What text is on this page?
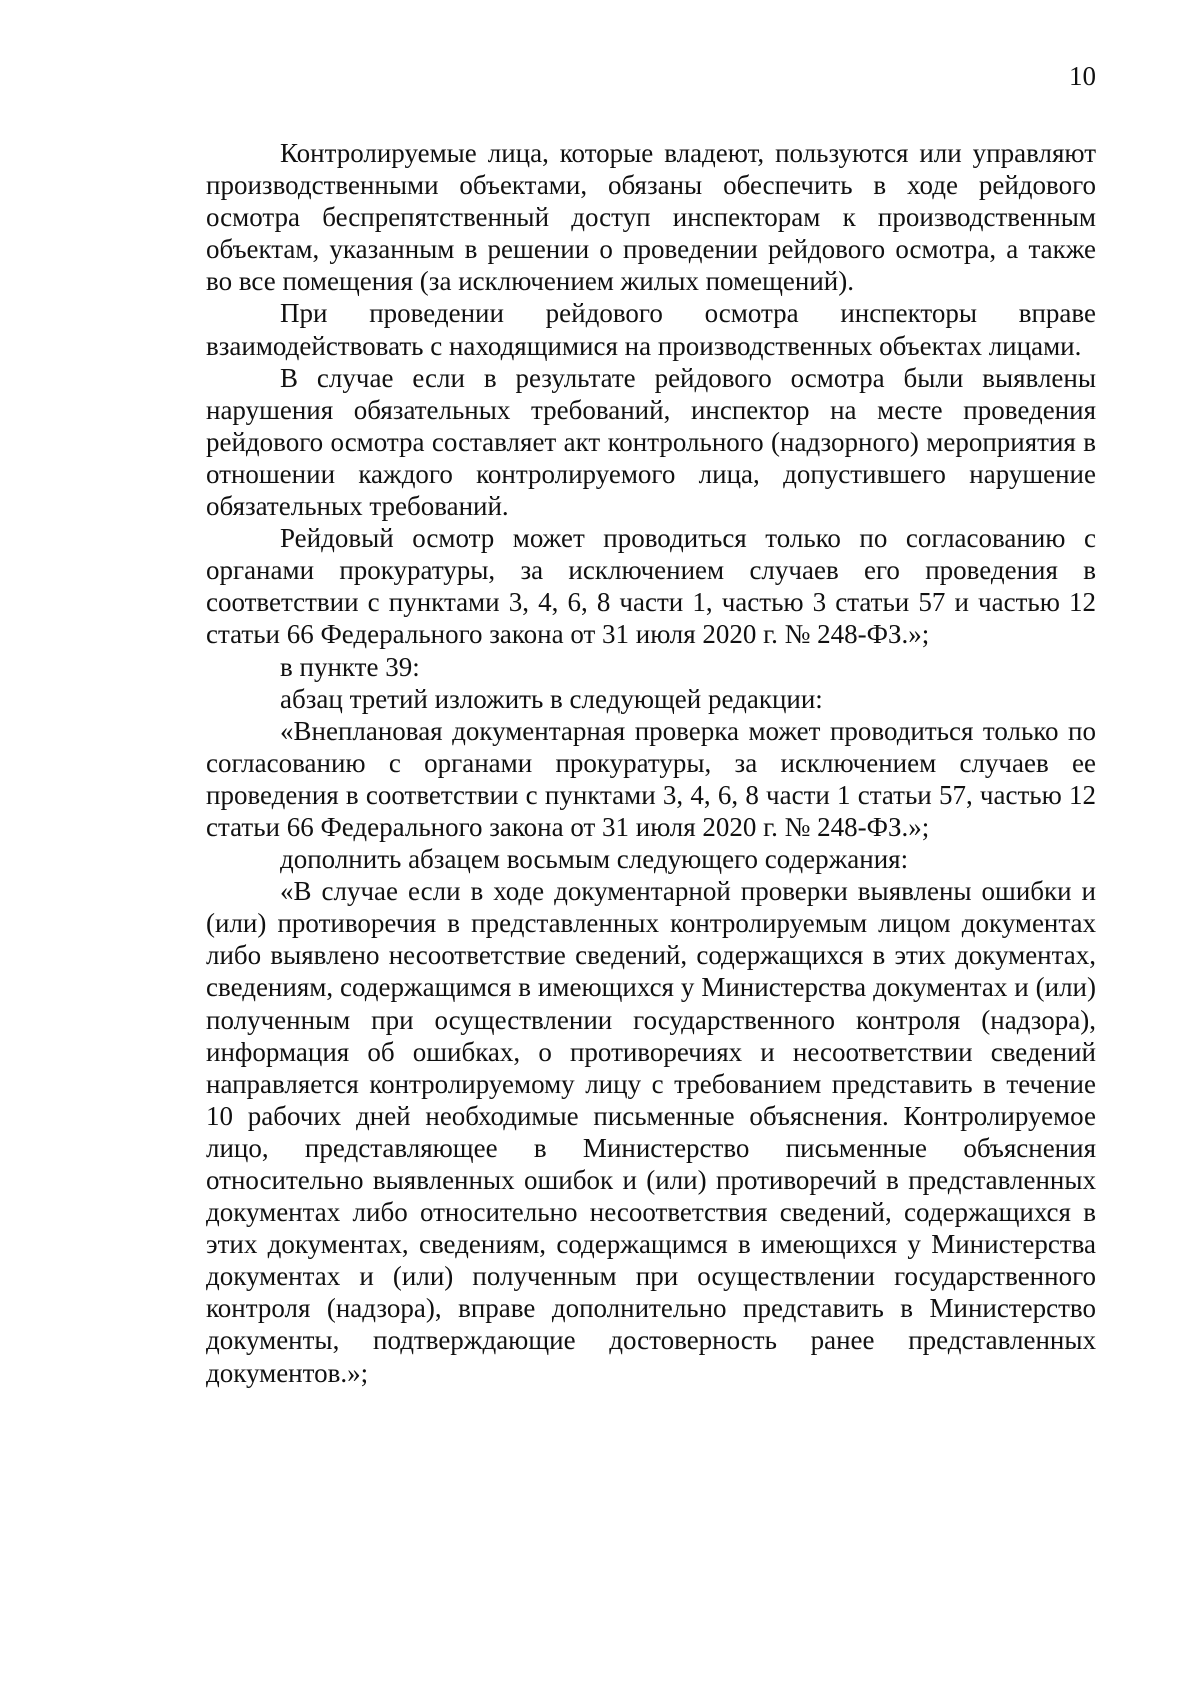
10

Контролируемые лица, которые владеют, пользуются или управляют производственными объектами, обязаны обеспечить в ходе рейдового осмотра беспрепятственный доступ инспекторам к производственным объектам, указанным в решении о проведении рейдового осмотра, а также во все помещения (за исключением жилых помещений).

При проведении рейдового осмотра инспекторы вправе взаимодействовать с находящимися на производственных объектах лицами.

В случае если в результате рейдового осмотра были выявлены нарушения обязательных требований, инспектор на месте проведения рейдового осмотра составляет акт контрольного (надзорного) мероприятия в отношении каждого контролируемого лица, допустившего нарушение обязательных требований.

Рейдовый осмотр может проводиться только по согласованию с органами прокуратуры, за исключением случаев его проведения в соответствии с пунктами 3, 4, 6, 8 части 1, частью 3 статьи 57 и частью 12 статьи 66 Федерального закона от 31 июля 2020 г. № 248-ФЗ.»;

в пункте 39:

абзац третий изложить в следующей редакции:

«Внеплановая документарная проверка может проводиться только по согласованию с органами прокуратуры, за исключением случаев ее проведения в соответствии с пунктами 3, 4, 6, 8 части 1 статьи 57, частью 12 статьи 66 Федерального закона от 31 июля 2020 г. № 248-ФЗ.»;

дополнить абзацем восьмым следующего содержания:

«В случае если в ходе документарной проверки выявлены ошибки и (или) противоречия в представленных контролируемым лицом документах либо выявлено несоответствие сведений, содержащихся в этих документах, сведениям, содержащимся в имеющихся у Министерства документах и (или) полученным при осуществлении государственного контроля (надзора), информация об ошибках, о противоречиях и несоответствии сведений направляется контролируемому лицу с требованием представить в течение 10 рабочих дней необходимые письменные объяснения. Контролируемое лицо, представляющее в Министерство письменные объяснения относительно выявленных ошибок и (или) противоречий в представленных документах либо относительно несоответствия сведений, содержащихся в этих документах, сведениям, содержащимся в имеющихся у Министерства документах и (или) полученным при осуществлении государственного контроля (надзора), вправе дополнительно представить в Министерство документы, подтверждающие достоверность ранее представленных документов.»;
